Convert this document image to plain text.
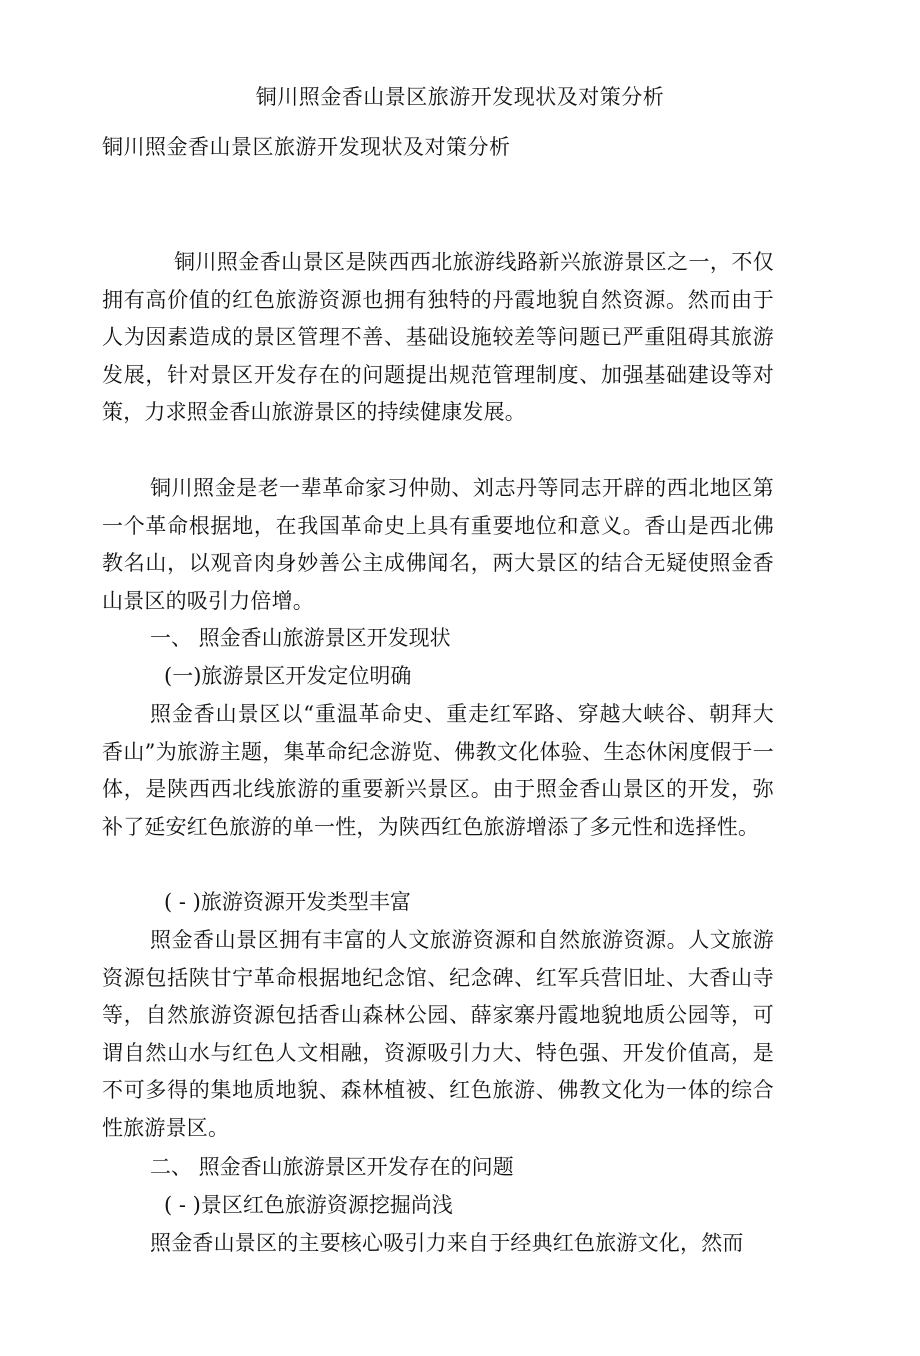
铜川照金香山景区旅游开发现状及对策分析
铜川照金香山景区旅游开发现状及对策分析

铜川照金香山景区是陕西西北旅游线路新兴旅游景区之一，不仅拥有高价值的红色旅游资源也拥有独特的丹霞地貌自然资源。然而由于人为因素造成的景区管理不善、基础设施较差等问题已严重阻碍其旅游发展，针对景区开发存在的问题提出规范管理制度、加强基础建设等对策，力求照金香山旅游景区的持续健康发展。

铜川照金是老一辈革命家习仲勋、刘志丹等同志开辟的西北地区第一个革命根据地，在我国革命史上具有重要地位和意义。香山是西北佛教名山，以观音肉身妙善公主成佛闻名，两大景区的结合无疑使照金香山景区的吸引力倍增。

一、 照金香山旅游景区开发现状
(一)旅游景区开发定位明确

照金香山景区以“重温革命史、重走红军路、穿越大峡谷、朝拜大香山”为旅游主题，集革命纪念游览、佛教文化体验、生态休闲度假于一体，是陕西西北线旅游的重要新兴景区。由于照金香山景区的开发，弥补了延安红色旅游的单一性，为陕西红色旅游增添了多元性和选择性。

( - )旅游资源开发类型丰富

照金香山景区拥有丰富的人文旅游资源和自然旅游资源。人文旅游资源包括陕甘宁革命根据地纪念馆、纪念碑、红军兵营旧址、大香山寺等，自然旅游资源包括香山森林公园、薛家寨丹霞地貌地质公园等，可谓自然山水与红色人文相融，资源吸引力大、特色强、开发价值高，是不可多得的集地质地貌、森林植被、红色旅游、佛教文化为一体的综合性旅游景区。

二、 照金香山旅游景区开发存在的问题
( - )景区红色旅游资源挖掘尚浅

照金香山景区的主要核心吸引力来自于经典红色旅游文化，然而
